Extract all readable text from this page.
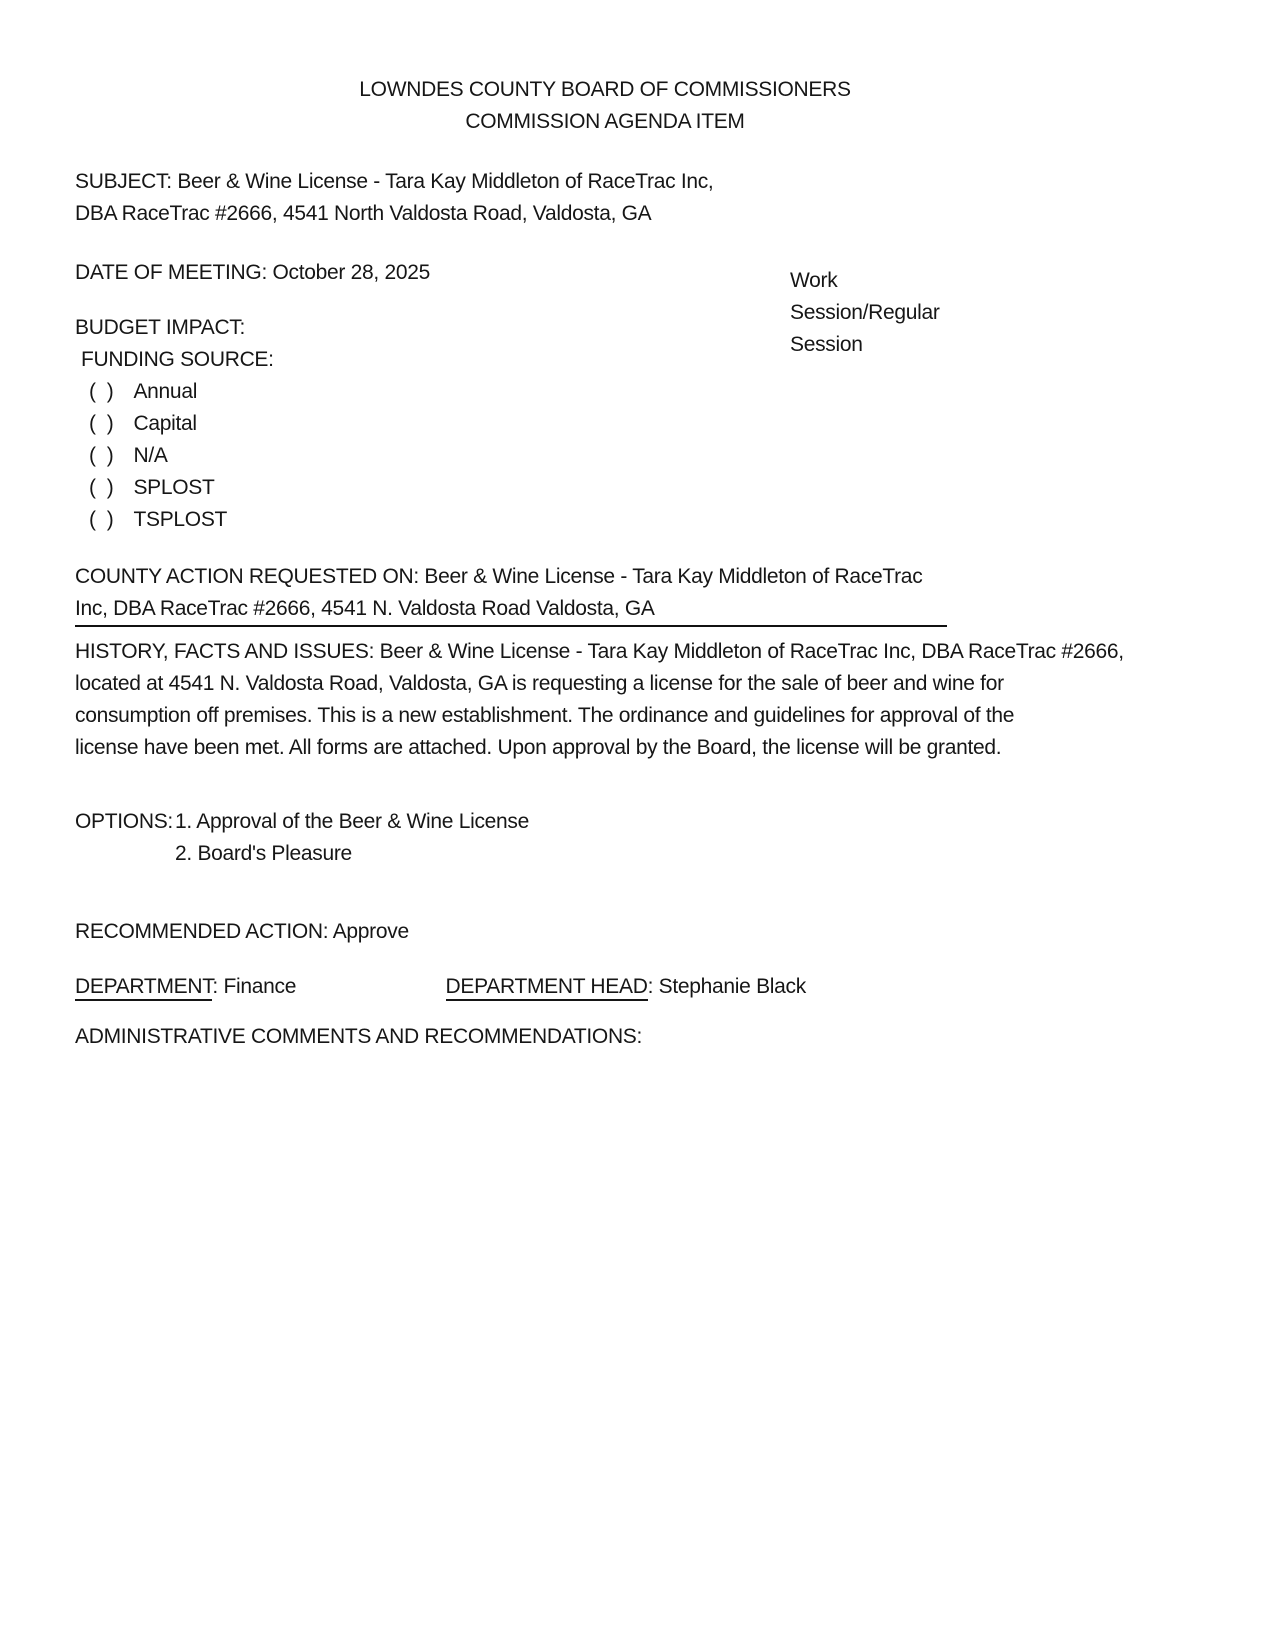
LOWNDES COUNTY BOARD OF COMMISSIONERS
COMMISSION AGENDA ITEM
SUBJECT: Beer & Wine License - Tara Kay Middleton of RaceTrac Inc,
DBA RaceTrac #2666, 4541 North Valdosta Road, Valdosta, GA
Work Session/Regular Session
DATE OF MEETING: October 28, 2025
BUDGET IMPACT:
FUNDING SOURCE:
(  ) Annual
(  ) Capital
(  ) N/A
(  ) SPLOST
(  ) TSPLOST
COUNTY ACTION REQUESTED ON: Beer & Wine License - Tara Kay Middleton of RaceTrac
Inc, DBA RaceTrac #2666, 4541 N. Valdosta Road Valdosta, GA
HISTORY, FACTS AND ISSUES: Beer & Wine License - Tara Kay Middleton of RaceTrac Inc, DBA RaceTrac #2666,
located at 4541 N. Valdosta Road, Valdosta, GA is requesting a license for the sale of beer and wine for
consumption off premises. This is a new establishment. The ordinance and guidelines for approval of the
license have been met. All forms are attached. Upon approval by the Board, the license will be granted.
OPTIONS: 1. Approval of the Beer & Wine License
2. Board's Pleasure
RECOMMENDED ACTION: Approve
DEPARTMENT: Finance	DEPARTMENT HEAD: Stephanie Black
ADMINISTRATIVE COMMENTS AND RECOMMENDATIONS:
